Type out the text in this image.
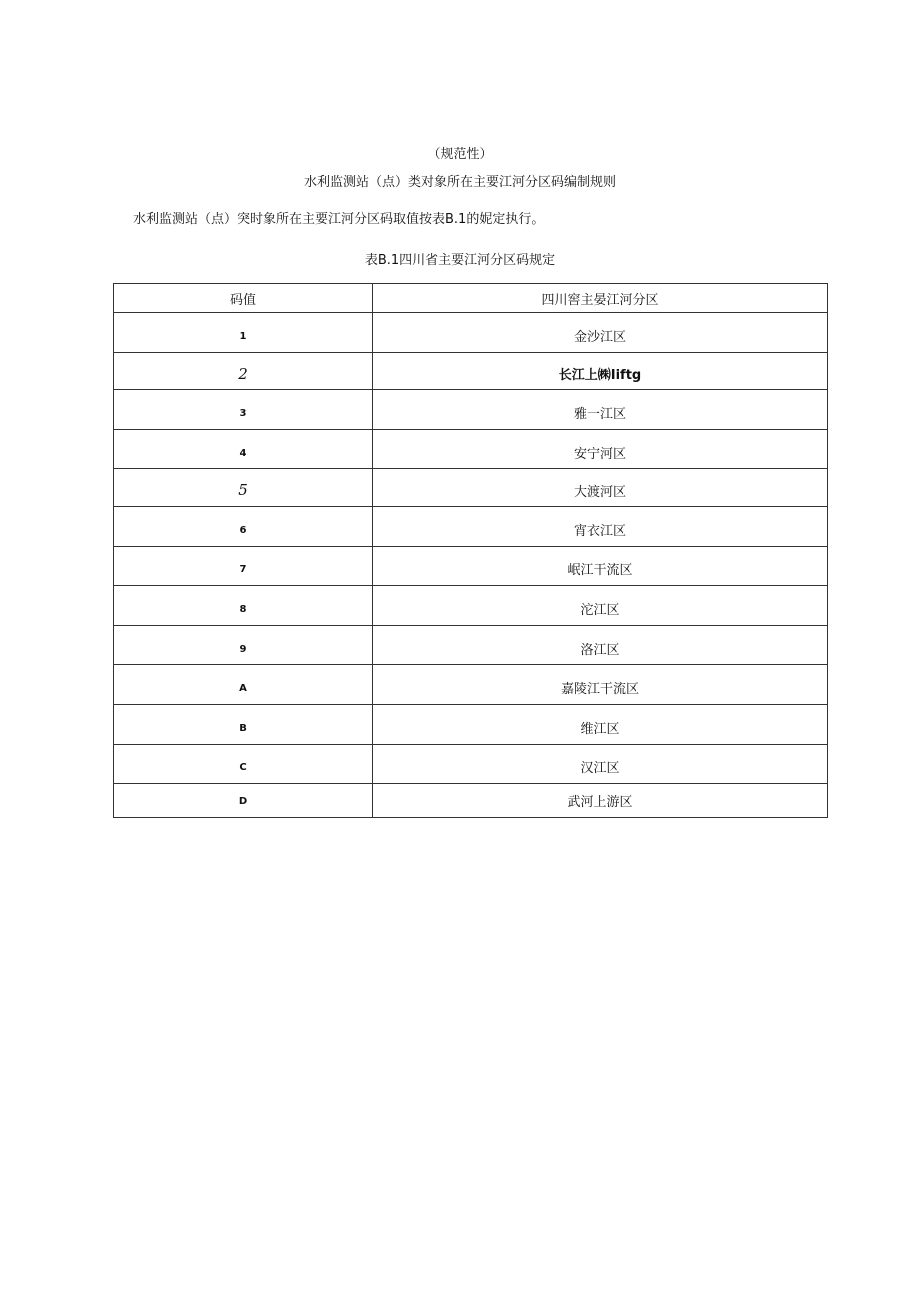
（规范性）
水利监测站（点）类对象所在主要江河分区码编制规则
水利监测站（点）突时象所在主要江河分区码取值按表B.1的妮定执行。
表B.1四川省主要江河分区码规定
码值	四川窖主晏江河分区
1	金沙江区
2	长江上㈱Iiftg
3	雅一江区
4	安宁河区
5	大渡河区
6	宵衣江区
7	岷江干流区
8	沱江区
9	洛江区
A	嘉陵江干流区
B	维江区
C	汉江区
D	武河上游区
